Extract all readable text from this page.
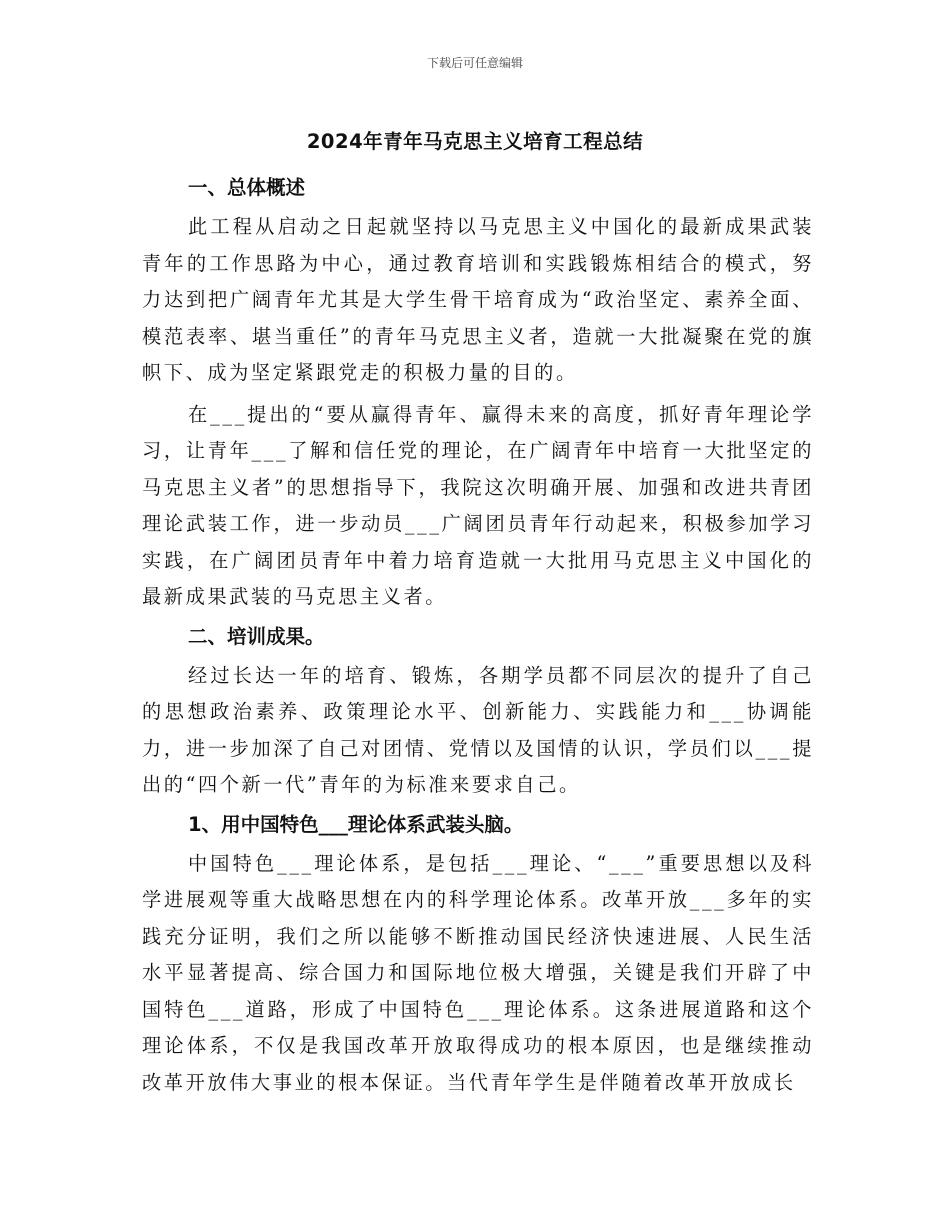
下载后可任意编辑
2024年青年马克思主义培育工程总结
一、总体概述
此工程从启动之日起就坚持以马克思主义中国化的最新成果武装青年的工作思路为中心，通过教育培训和实践锻炼相结合的模式，努力达到把广阔青年尤其是大学生骨干培育成为“政治坚定、素养全面、模范表率、堪当重任”的青年马克思主义者，造就一大批凝聚在党的旗帜下、成为坚定紧跟党走的积极力量的目的。
在___提出的“要从赢得青年、赢得未来的高度，抓好青年理论学习，让青年___了解和信任党的理论，在广阔青年中培育一大批坚定的马克思主义者”的思想指导下，我院这次明确开展、加强和改进共青团理论武装工作，进一步动员___广阔团员青年行动起来，积极参加学习实践，在广阔团员青年中着力培育造就一大批用马克思主义中国化的最新成果武装的马克思主义者。
二、培训成果。
经过长达一年的培育、锻炼，各期学员都不同层次的提升了自己的思想政治素养、政策理论水平、创新能力、实践能力和___协调能力，进一步加深了自己对团情、党情以及国情的认识，学员们以___提出的“四个新一代”青年的为标准来要求自己。
1、用中国特色___理论体系武装头脑。
中国特色___理论体系，是包括___理论、“___”重要思想以及科学进展观等重大战略思想在内的科学理论体系。改革开放___多年的实践充分证明，我们之所以能够不断推动国民经济快速进展、人民生活水平显著提高、综合国力和国际地位极大增强，关键是我们开辟了中国特色___道路，形成了中国特色___理论体系。这条进展道路和这个理论体系，不仅是我国改革开放取得成功的根本原因，也是继续推动改革开放伟大事业的根本保证。当代青年学生是伴随着改革开放成长
